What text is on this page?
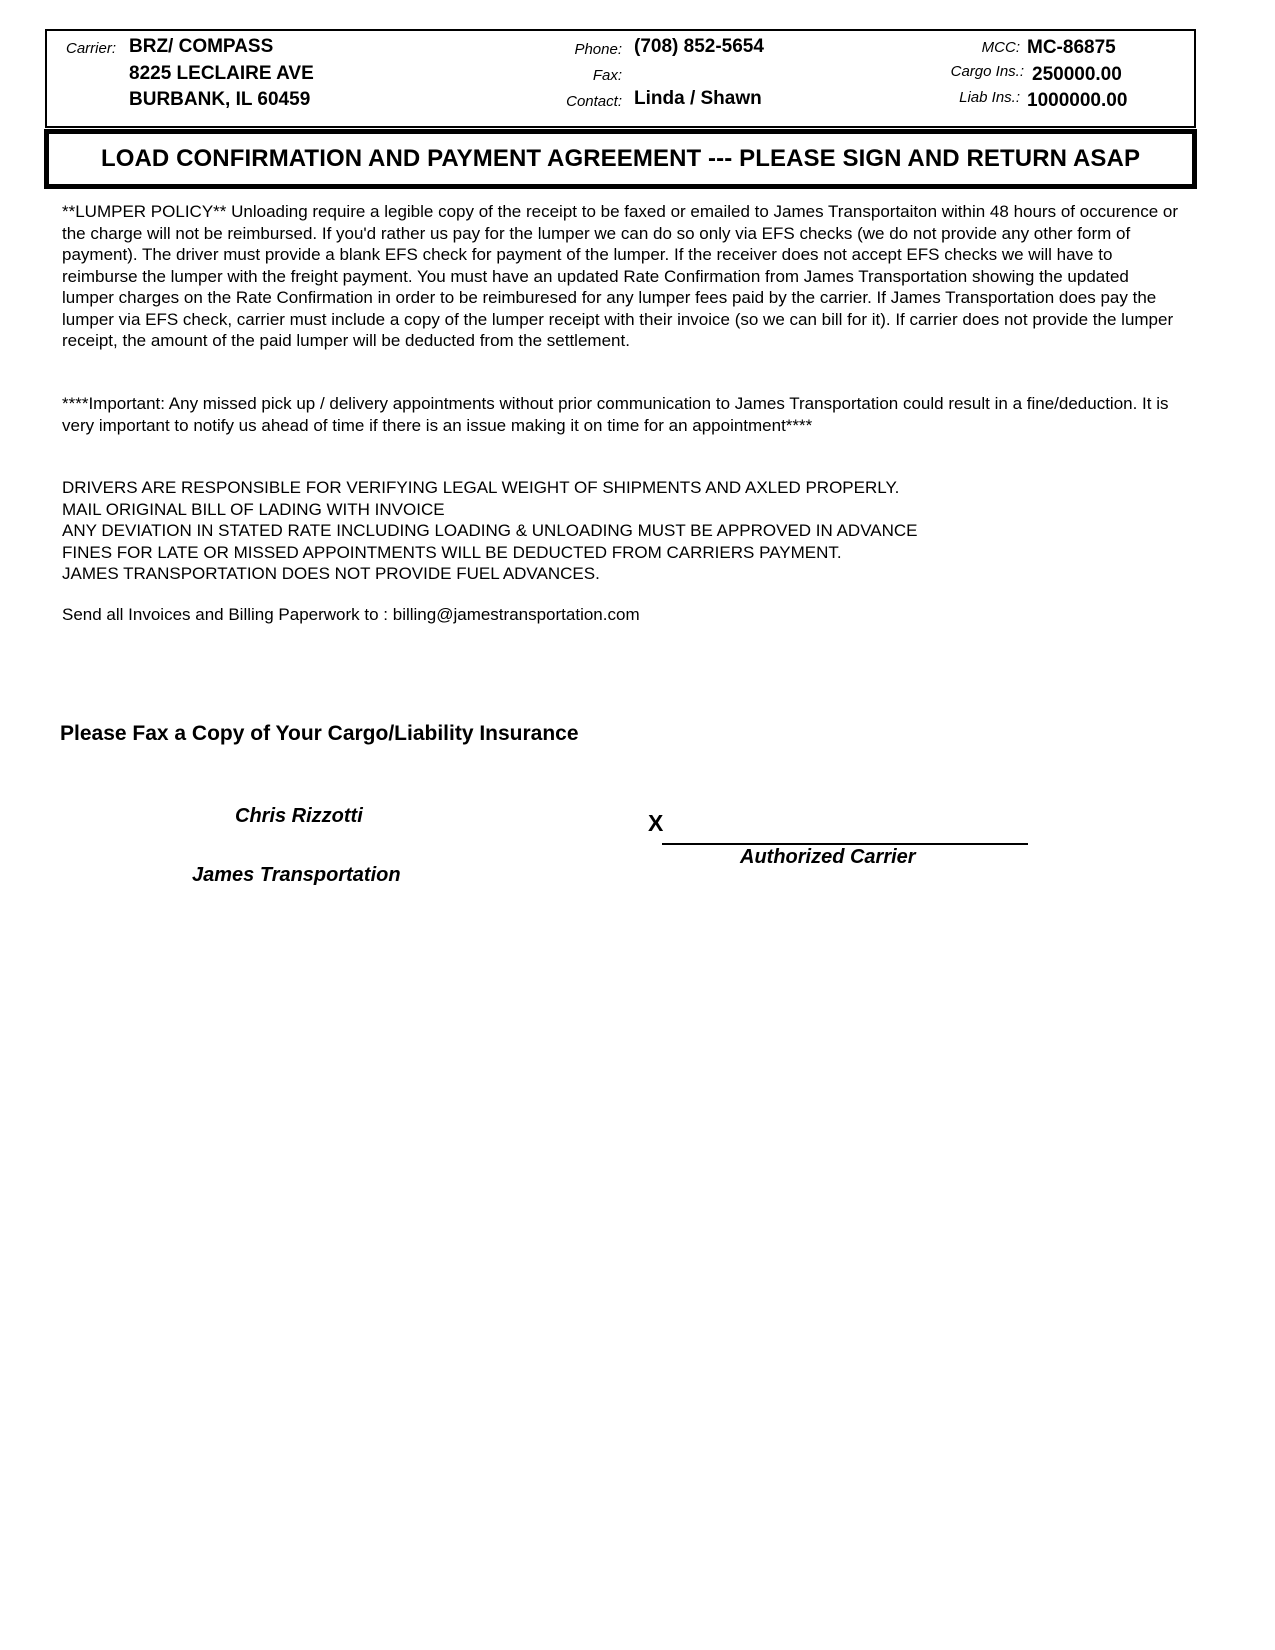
Carrier: BRZ/ COMPASS
8225 LECLAIRE AVE
BURBANK, IL 60459
Phone: (708) 852-5654
Fax:
Contact: Linda / Shawn
MCC: MC-86875
Cargo Ins.: 250000.00
Liab Ins.: 1000000.00
LOAD CONFIRMATION AND PAYMENT AGREEMENT --- PLEASE SIGN AND RETURN ASAP
**LUMPER POLICY** Unloading require a legible copy of the receipt to be faxed or emailed to James Transportaiton within 48 hours of occurence or the charge will not be reimbursed. If you'd rather us pay for the lumper we can do so only via EFS checks (we do not provide any other form of payment). The driver must provide a blank EFS check for payment of the lumper. If the receiver does not accept EFS checks we will have to reimburse the lumper with the freight payment. You must have an updated Rate Confirmation from James Transportation showing the updated lumper charges on the Rate Confirmation in order to be reimburesed for any lumper fees paid by the carrier. If James Transportation does pay the lumper via EFS check, carrier must include a copy of the lumper receipt with their invoice (so we can bill for it). If carrier does not provide the lumper receipt, the amount of the paid lumper will be deducted from the settlement.
****Important: Any missed pick up / delivery appointments without prior communication to James Transportation could result in a fine/deduction. It is very important to notify us ahead of time if there is an issue making it on time for an appointment****
DRIVERS ARE RESPONSIBLE FOR VERIFYING LEGAL WEIGHT OF SHIPMENTS AND AXLED PROPERLY.
MAIL ORIGINAL BILL OF LADING WITH INVOICE
ANY DEVIATION IN STATED RATE INCLUDING LOADING & UNLOADING MUST BE APPROVED IN ADVANCE
FINES FOR LATE OR MISSED APPOINTMENTS WILL BE DEDUCTED FROM CARRIERS PAYMENT.
JAMES TRANSPORTATION DOES NOT PROVIDE FUEL ADVANCES.
Send all Invoices and Billing Paperwork to : billing@jamestransportation.com
Please Fax a Copy of Your Cargo/Liability Insurance
Chris Rizzotti
James Transportation
X
Authorized Carrier
